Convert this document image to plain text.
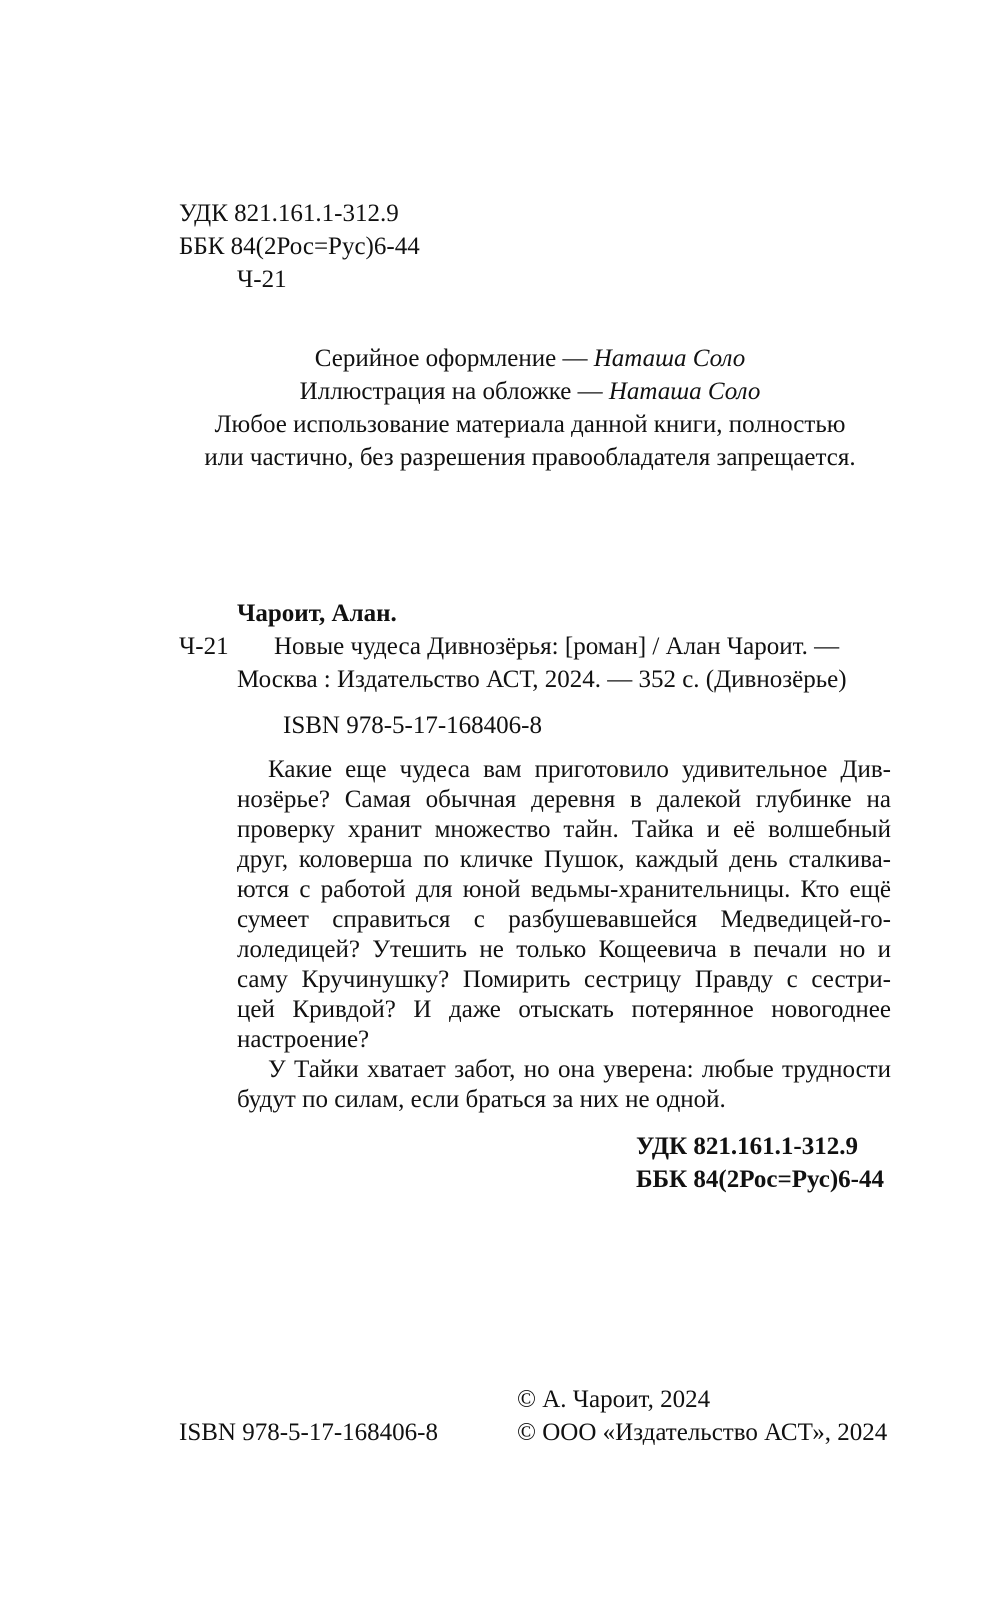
УДК 821.161.1-312.9
ББК 84(2Рос=Рус)6-44
Ч-21
Серийное оформление — Наташа Соло
Иллюстрация на обложке — Наташа Соло
Любое использование материала данной книги, полностью
или частично, без разрешения правообладателя запрещается.
Чароит, Алан.
Ч-21 Новые чудеса Дивнозёрья: [роман] / Алан Чароит. —
Москва : Издательство АСТ, 2024. — 352 с. (Дивнозёрье)
ISBN 978-5-17-168406-8
Какие еще чудеса вам приготовило удивительное Див-
нозёрье? Самая обычная деревня в далекой глубинке на
проверку хранит множество тайн. Тайка и её волшебный
друг, коловерша по кличке Пушок, каждый день сталкива-
ются с работой для юной ведьмы-хранительницы. Кто ещё
сумеет справиться с разбушевавшейся Медведицей-го-
лоледицей? Утешить не только Кощеевича в печали но и
саму Кручинушку? Помирить сестрицу Правду с сестри-
цей Кривдой? И даже отыскать потерянное новогоднее
настроение?
У Тайки хватает забот, но она уверена: любые трудности
будут по силам, если браться за них не одной.
УДК 821.161.1-312.9
ББК 84(2Рос=Рус)6-44
© А. Чароит, 2024
ISBN 978-5-17-168406-8	© ООО «Издательство АСТ», 2024
